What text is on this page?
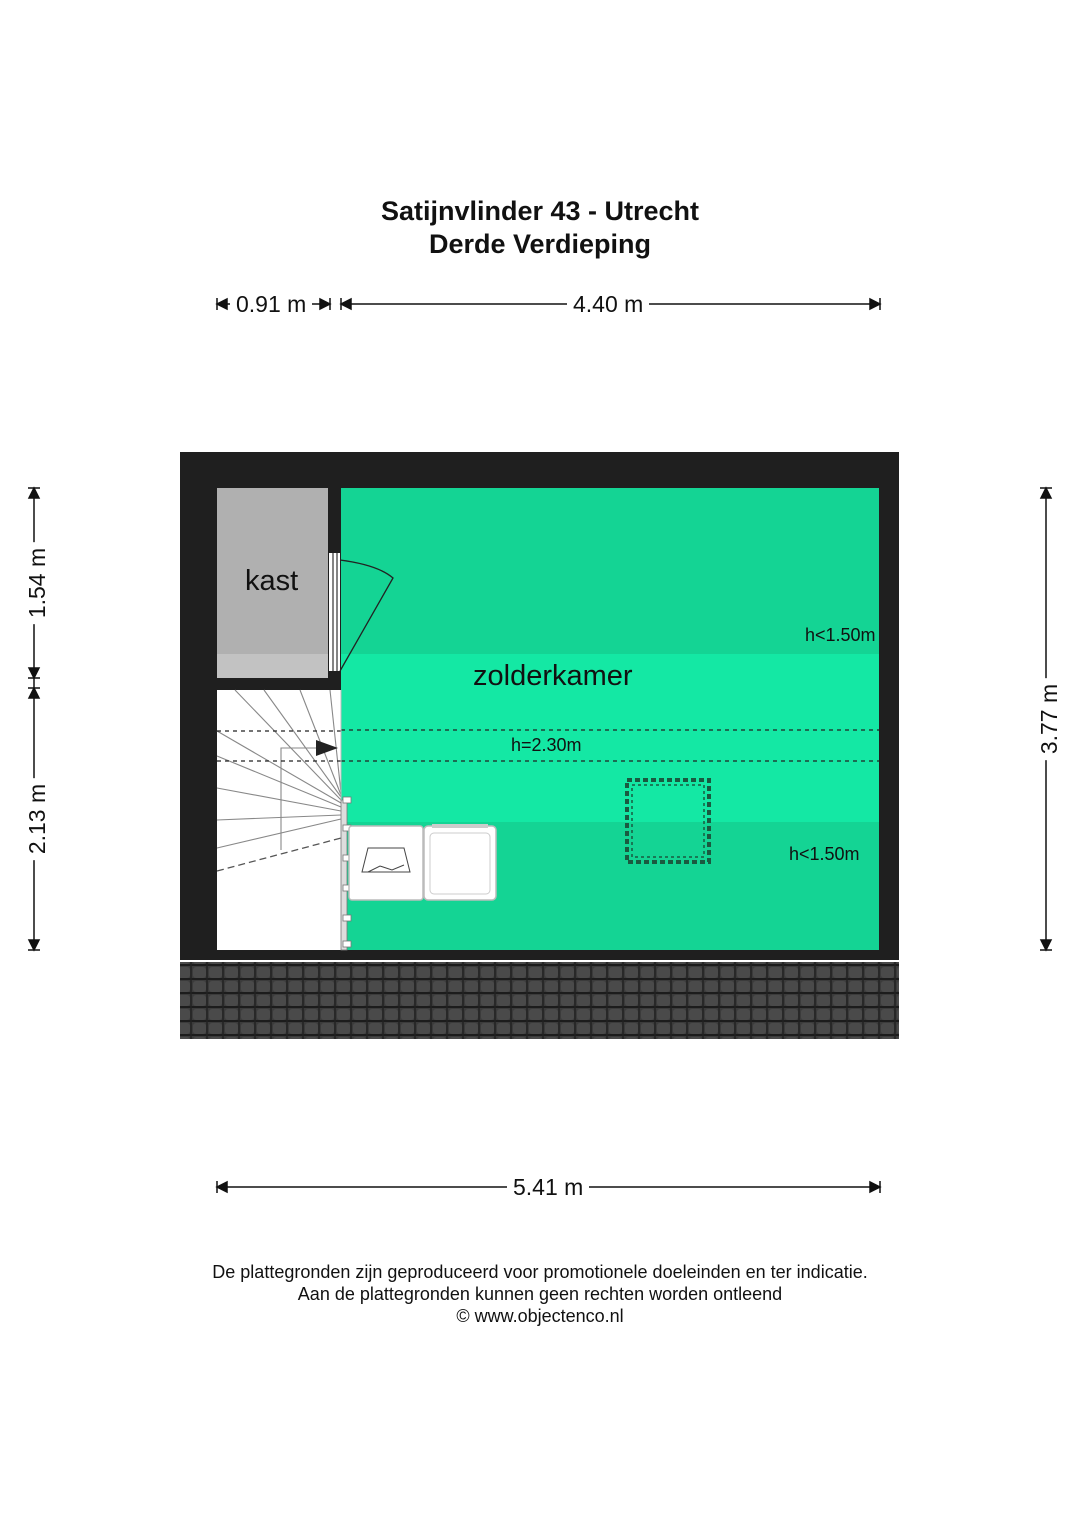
Satijnvlinder 43 - Utrecht
Derde Verdieping
kast
zolderkamer
h<1.50m
h=2.30m
h<1.50m
0.91 m	4.40 m
5.41 m
1.54 m
2.13 m
3.77 m
De plattegronden zijn geproduceerd voor promotionele doeleinden en ter indicatie.
Aan de plattegronden kunnen geen rechten worden ontleend
© www.objectenco.nl
